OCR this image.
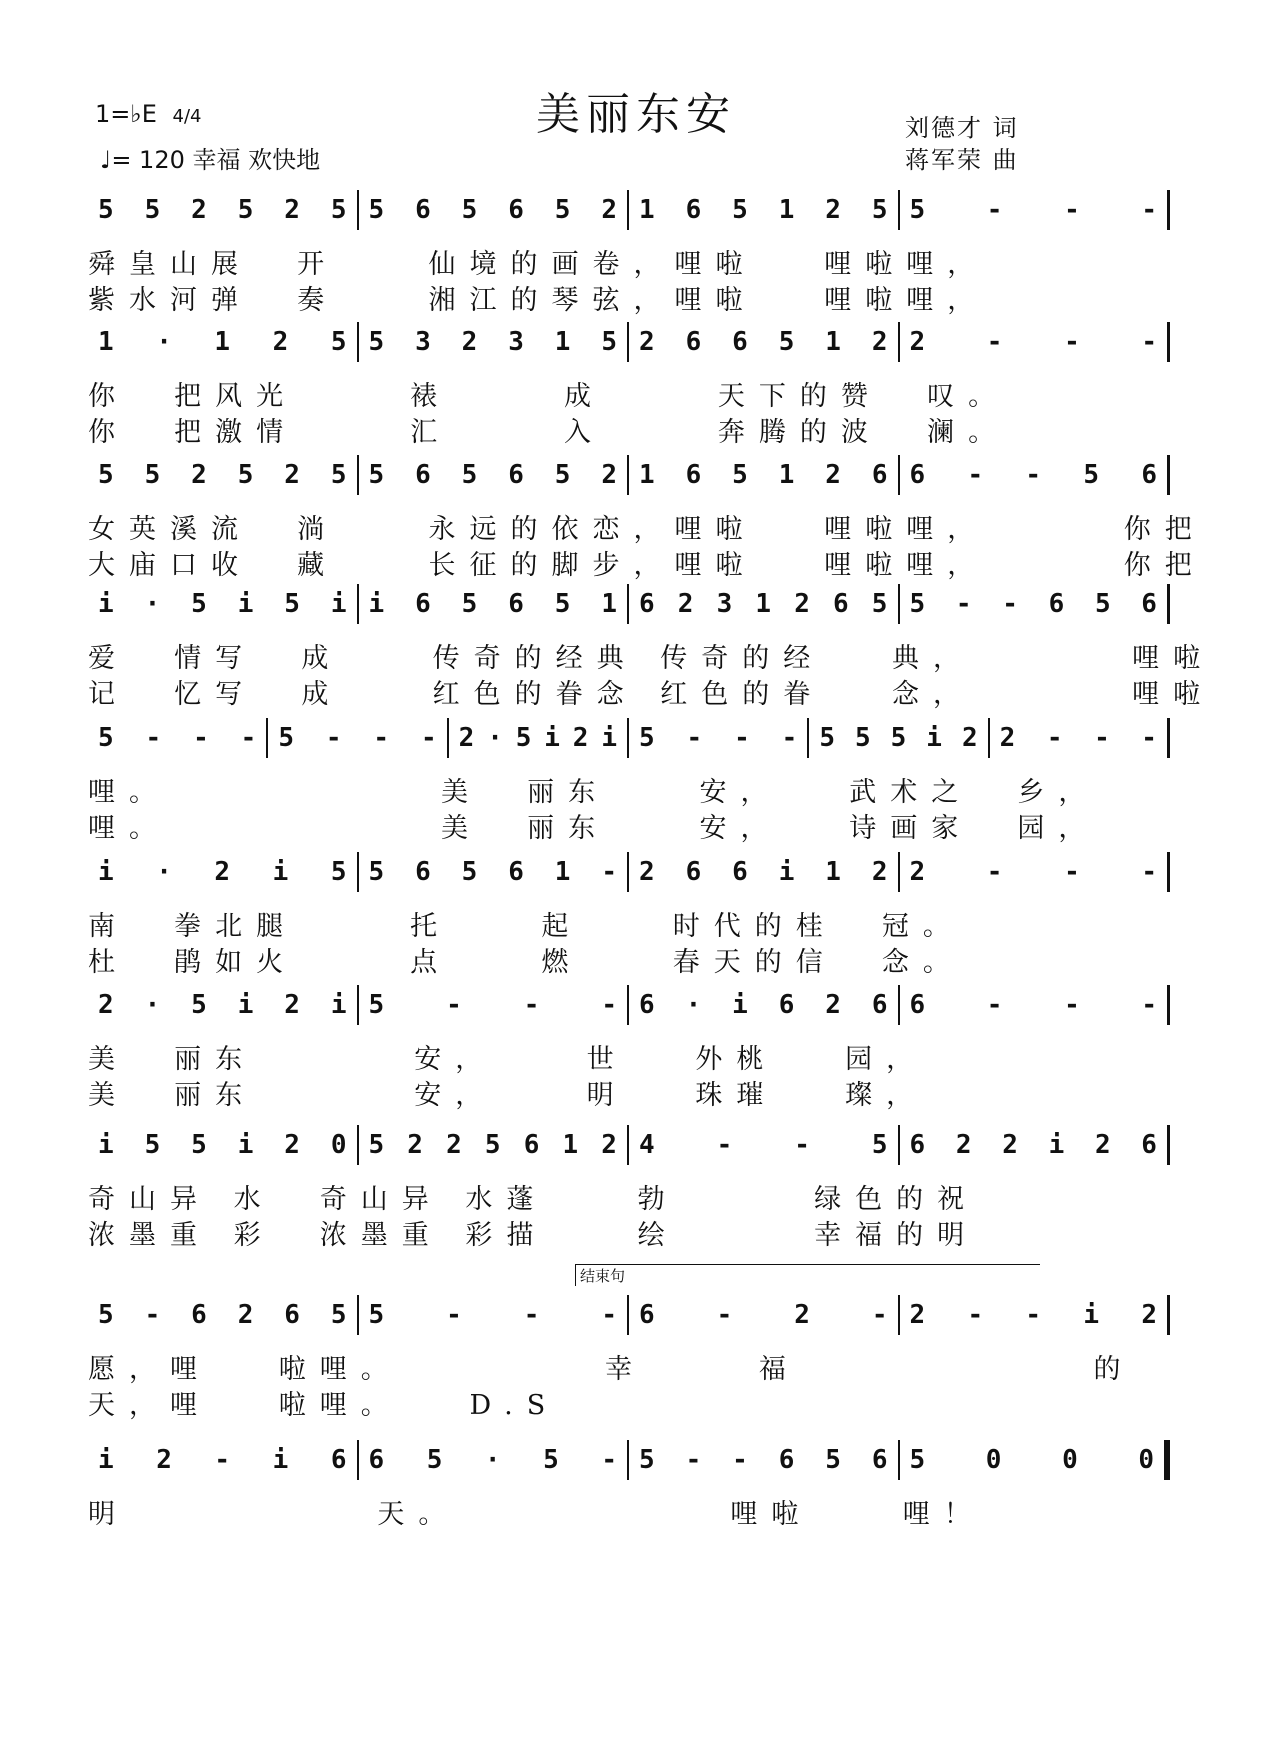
美丽东安
1=♭E 4/4
♩= 120 幸福 欢快地
刘德才 词
蒋军荣 曲
5 5 2 5 2 5 5 6 5 6 5 2 1 6 5 1 2 5 5 - - -
舜皇山展  开    仙境的画卷，哩啦   哩啦哩，
紫水河弹  奏    湘江的琴弦，哩啦   哩啦哩，
1 · 1 2 5 5 3 2 3 1 5 2 6 6 5 1 2 2 - - -
你  把风光     裱     成     天下的赞  叹。
你  把激情     汇     入     奔腾的波  澜。
5 5 2 5 2 5 5 6 5 6 5 2 1 6 5 1 2 6 6 - - 5 6
女英溪流  淌    永远的依恋，哩啦   哩啦哩，      你把
大庙口收  藏    长征的脚步，哩啦   哩啦哩，      你把
i · 5 i 5 i i 6 5 6 5 1 6 2 3 1 2 6 5 5 - - 6 5 6
爱  情写  成    传奇的经典 传奇的经   典，       哩啦
记  忆写  成    红色的眷念 红色的眷   念，       哩啦
5 - - - 5 - - - 2 · 5 i 2 i 5 - - - 5 5 5 i 2 2 - - -
哩。            美  丽东    安，   武术之  乡，
哩。            美  丽东    安，   诗画家  园，
i · 2 i 5 5 6 5 6 1 - 2 6 6 i 1 2 2 - - -
南  拳北腿     托    起    时代的桂  冠。
杜  鹃如火     点    燃    春天的信  念。
2 · 5 i 2 i 5 - - - 6 · i 6 2 6 6 - - -
美  丽东       安，    世   外桃   园，
美  丽东       安，    明   珠璀   璨，
i 5 5 i 2 0 5 2 2 5 6 1 2 4 - - 5 6 2 2 i 2 6
奇山异 水  奇山异 水蓬    勃      绿色的祝
浓墨重 彩  浓墨重 彩描    绘      幸福的明
5 - 6 2 6 5 5 - - - 6 - 2 - 2 - - i 2
愿，哩   啦哩。         幸     福             的
天，哩   啦哩。   D.S
i 2 - i 6 6 5 · 5 - 5 - - 6 5 6 5 0 0 0
明           天。            哩啦    哩！
结束句
